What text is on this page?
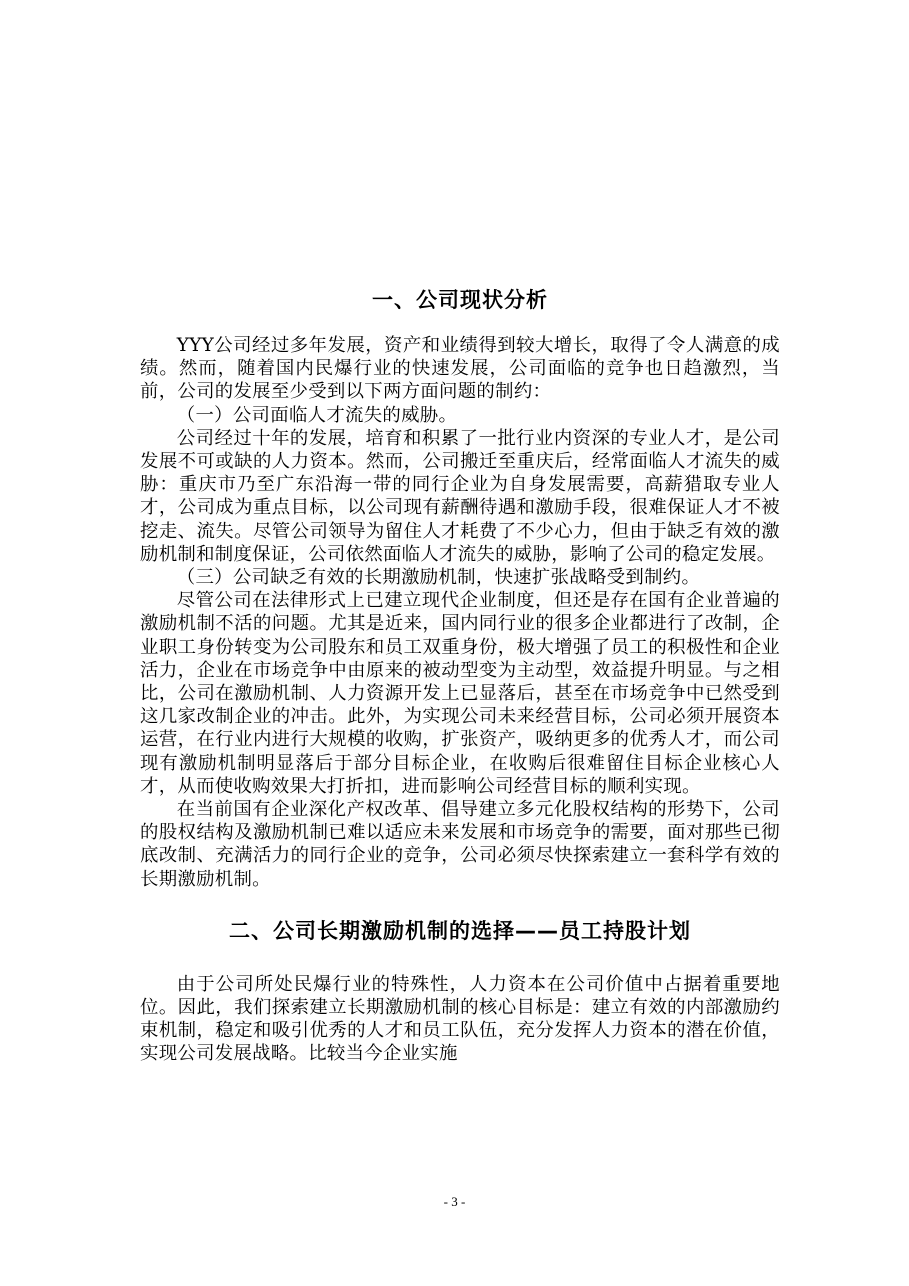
一、公司现状分析

YYY公司经过多年发展，资产和业绩得到较大增长，取得了令人满意的成绩。然而，随着国内民爆行业的快速发展，公司面临的竞争也日趋激烈，当前，公司的发展至少受到以下两方面问题的制约：

（一）公司面临人才流失的威胁。

公司经过十年的发展，培育和积累了一批行业内资深的专业人才，是公司发展不可或缺的人力资本。然而，公司搬迁至重庆后，经常面临人才流失的威胁：重庆市乃至广东沿海一带的同行企业为自身发展需要，高薪猎取专业人才，公司成为重点目标，以公司现有薪酬待遇和激励手段，很难保证人才不被挖走、流失。尽管公司领导为留住人才耗费了不少心力，但由于缺乏有效的激励机制和制度保证，公司依然面临人才流失的威胁，影响了公司的稳定发展。

（三）公司缺乏有效的长期激励机制，快速扩张战略受到制约。

尽管公司在法律形式上已建立现代企业制度，但还是存在国有企业普遍的激励机制不活的问题。尤其是近来，国内同行业的很多企业都进行了改制，企业职工身份转变为公司股东和员工双重身份，极大增强了员工的积极性和企业活力，企业在市场竞争中由原来的被动型变为主动型，效益提升明显。与之相比，公司在激励机制、人力资源开发上已显落后，甚至在市场竞争中已然受到这几家改制企业的冲击。此外，为实现公司未来经营目标，公司必须开展资本运营，在行业内进行大规模的收购，扩张资产，吸纳更多的优秀人才，而公司现有激励机制明显落后于部分目标企业，在收购后很难留住目标企业核心人才，从而使收购效果大打折扣，进而影响公司经营目标的顺利实现。

在当前国有企业深化产权改革、倡导建立多元化股权结构的形势下，公司的股权结构及激励机制已难以适应未来发展和市场竞争的需要，面对那些已彻底改制、充满活力的同行企业的竞争，公司必须尽快探索建立一套科学有效的长期激励机制。

二、公司长期激励机制的选择——员工持股计划

由于公司所处民爆行业的特殊性，人力资本在公司价值中占据着重要地位。因此，我们探索建立长期激励机制的核心目标是：建立有效的内部激励约束机制，稳定和吸引优秀的人才和员工队伍，充分发挥人力资本的潜在价值，实现公司发展战略。比较当今企业实施

- 3 -
